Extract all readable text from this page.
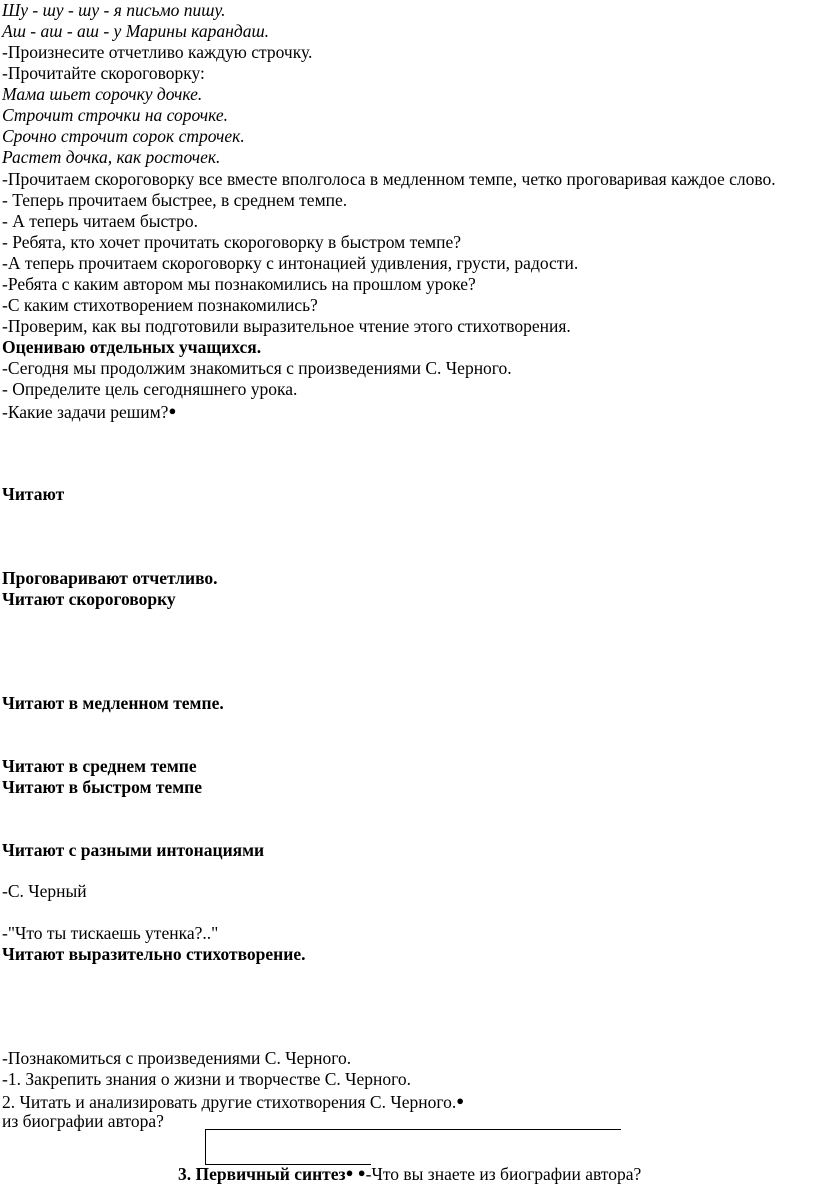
Шу - шу - шу - я письмо пишу.
Аш - аш - аш - у Марины карандаш.
-Произнесите отчетливо каждую строчку.
-Прочитайте скороговорку:
Мама шьет сорочку дочке.
Строчит строчки на сорочке.
Срочно строчит сорок строчек.
Растет дочка, как росточек.
-Прочитаем скороговорку все вместе вполголоса в медленном темпе, четко проговаривая каждое слово.
- Теперь прочитаем быстрее, в среднем темпе.
- А теперь читаем быстро.
- Ребята, кто хочет прочитать скороговорку в быстром темпе?
-А теперь прочитаем скороговорку с интонацией удивления, грусти, радости.
-Ребята с каким автором мы познакомились на прошлом уроке?
-С каким стихотворением познакомились?
-Проверим, как вы подготовили выразительное чтение этого стихотворения.
Оцениваю отдельных учащихся.
-Сегодня мы продолжим знакомиться с произведениями С. Черного.
- Определите цель сегодняшнего урока.
-Какие задачи решим?●
Читают
Проговаривают отчетливо.
Читают скороговорку
Читают в медленном темпе.
Читают в среднем темпе
Читают в быстром темпе
Читают с разными интонациями
-С. Черный
-"Что ты тискаешь утенка?.."
Читают выразительно стихотворение.
-Познакомиться с произведениями С. Черного.
-1. Закрепить знания о жизни и творчестве С. Черного.
2. Читать и анализировать другие стихотворения С. Черного.●
из биографии автора?
3. Первичный синтез● ●-Что вы знаете из биографии автора?
